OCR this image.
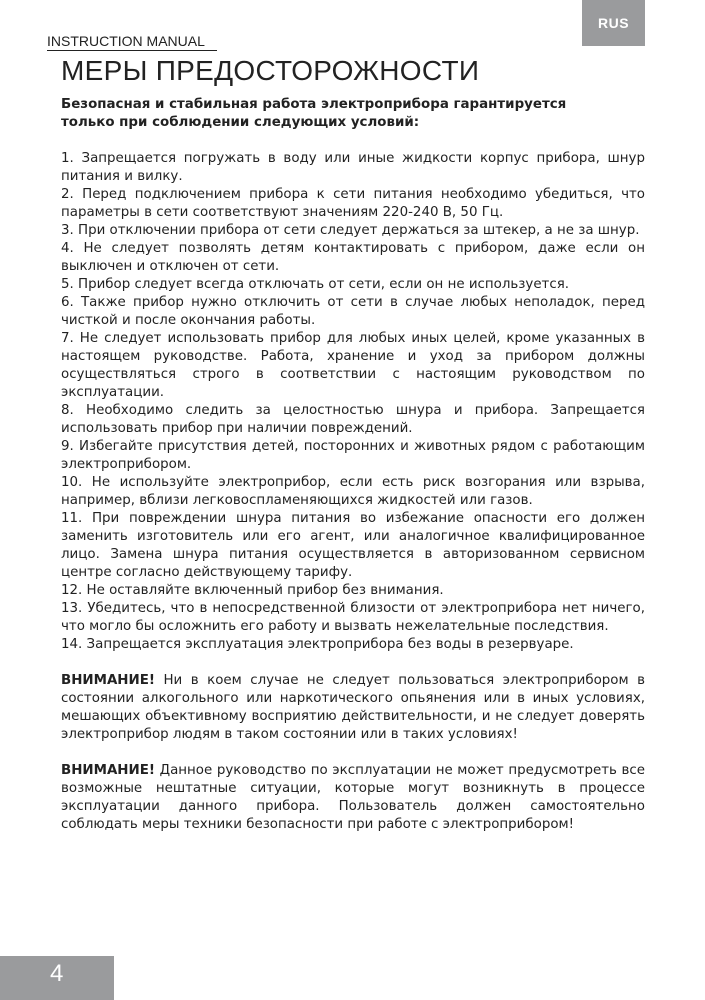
RUS
INSTRUCTION MANUAL
МЕРЫ ПРЕДОСТОРОЖНОСТИ

Безопасная и стабильная работа электроприбора гарантируется только при соблюдении следующих условий:

1. Запрещается погружать в воду или иные жидкости корпус прибора, шнур питания и вилку.

2. Перед подключением прибора к сети питания необходимо убедиться, что параметры в сети соответствуют значениям 220-240 В, 50 Гц.

3. При отключении прибора от сети следует держаться за штекер, а не за шнур.

4. Не следует позволять детям контактировать с прибором, даже если он выключен и отключен от сети.

5. Прибор следует всегда отключать от сети, если он не используется.

6. Также прибор нужно отключить от сети в случае любых неполадок, перед чисткой и после окончания работы.

7. Не следует использовать прибор для любых иных целей, кроме указанных в настоящем руководстве. Работа, хранение и уход за прибором должны осуществляться строго в соответствии с настоящим руководством по эксплуатации.

8. Необходимо следить за целостностью шнура и прибора. Запрещается использовать прибор при наличии повреждений.

9. Избегайте присутствия детей, посторонних и животных рядом с работающим электроприбором.

10. Не используйте электроприбор, если есть риск возгорания или взрыва, например, вблизи легковоспламеняющихся жидкостей или газов.

11. При повреждении шнура питания во избежание опасности его должен заменить изготовитель или его агент, или аналогичное квалифицированное лицо. Замена шнура питания осуществляется в авторизованном сервисном центре согласно действующему тарифу.

12. Не оставляйте включенный прибор без внимания.

13. Убедитесь, что в непосредственной близости от электроприбора нет ничего, что могло бы осложнить его работу и вызвать нежелательные последствия.

14. Запрещается эксплуатация электроприбора без воды в резервуаре.

ВНИМАНИЕ! Ни в коем случае не следует пользоваться электроприбором в состоянии алкогольного или наркотического опьянения или в иных условиях, мешающих объективному восприятию действительности, и не следует доверять электроприбор людям в таком состоянии или в таких условиях!

ВНИМАНИЕ! Данное руководство по эксплуатации не может предусмотреть все возможные нештатные ситуации, которые могут возникнуть в процессе эксплуатации данного прибора. Пользователь должен самостоятельно соблюдать меры техники безопасности при работе с электроприбором!

4
